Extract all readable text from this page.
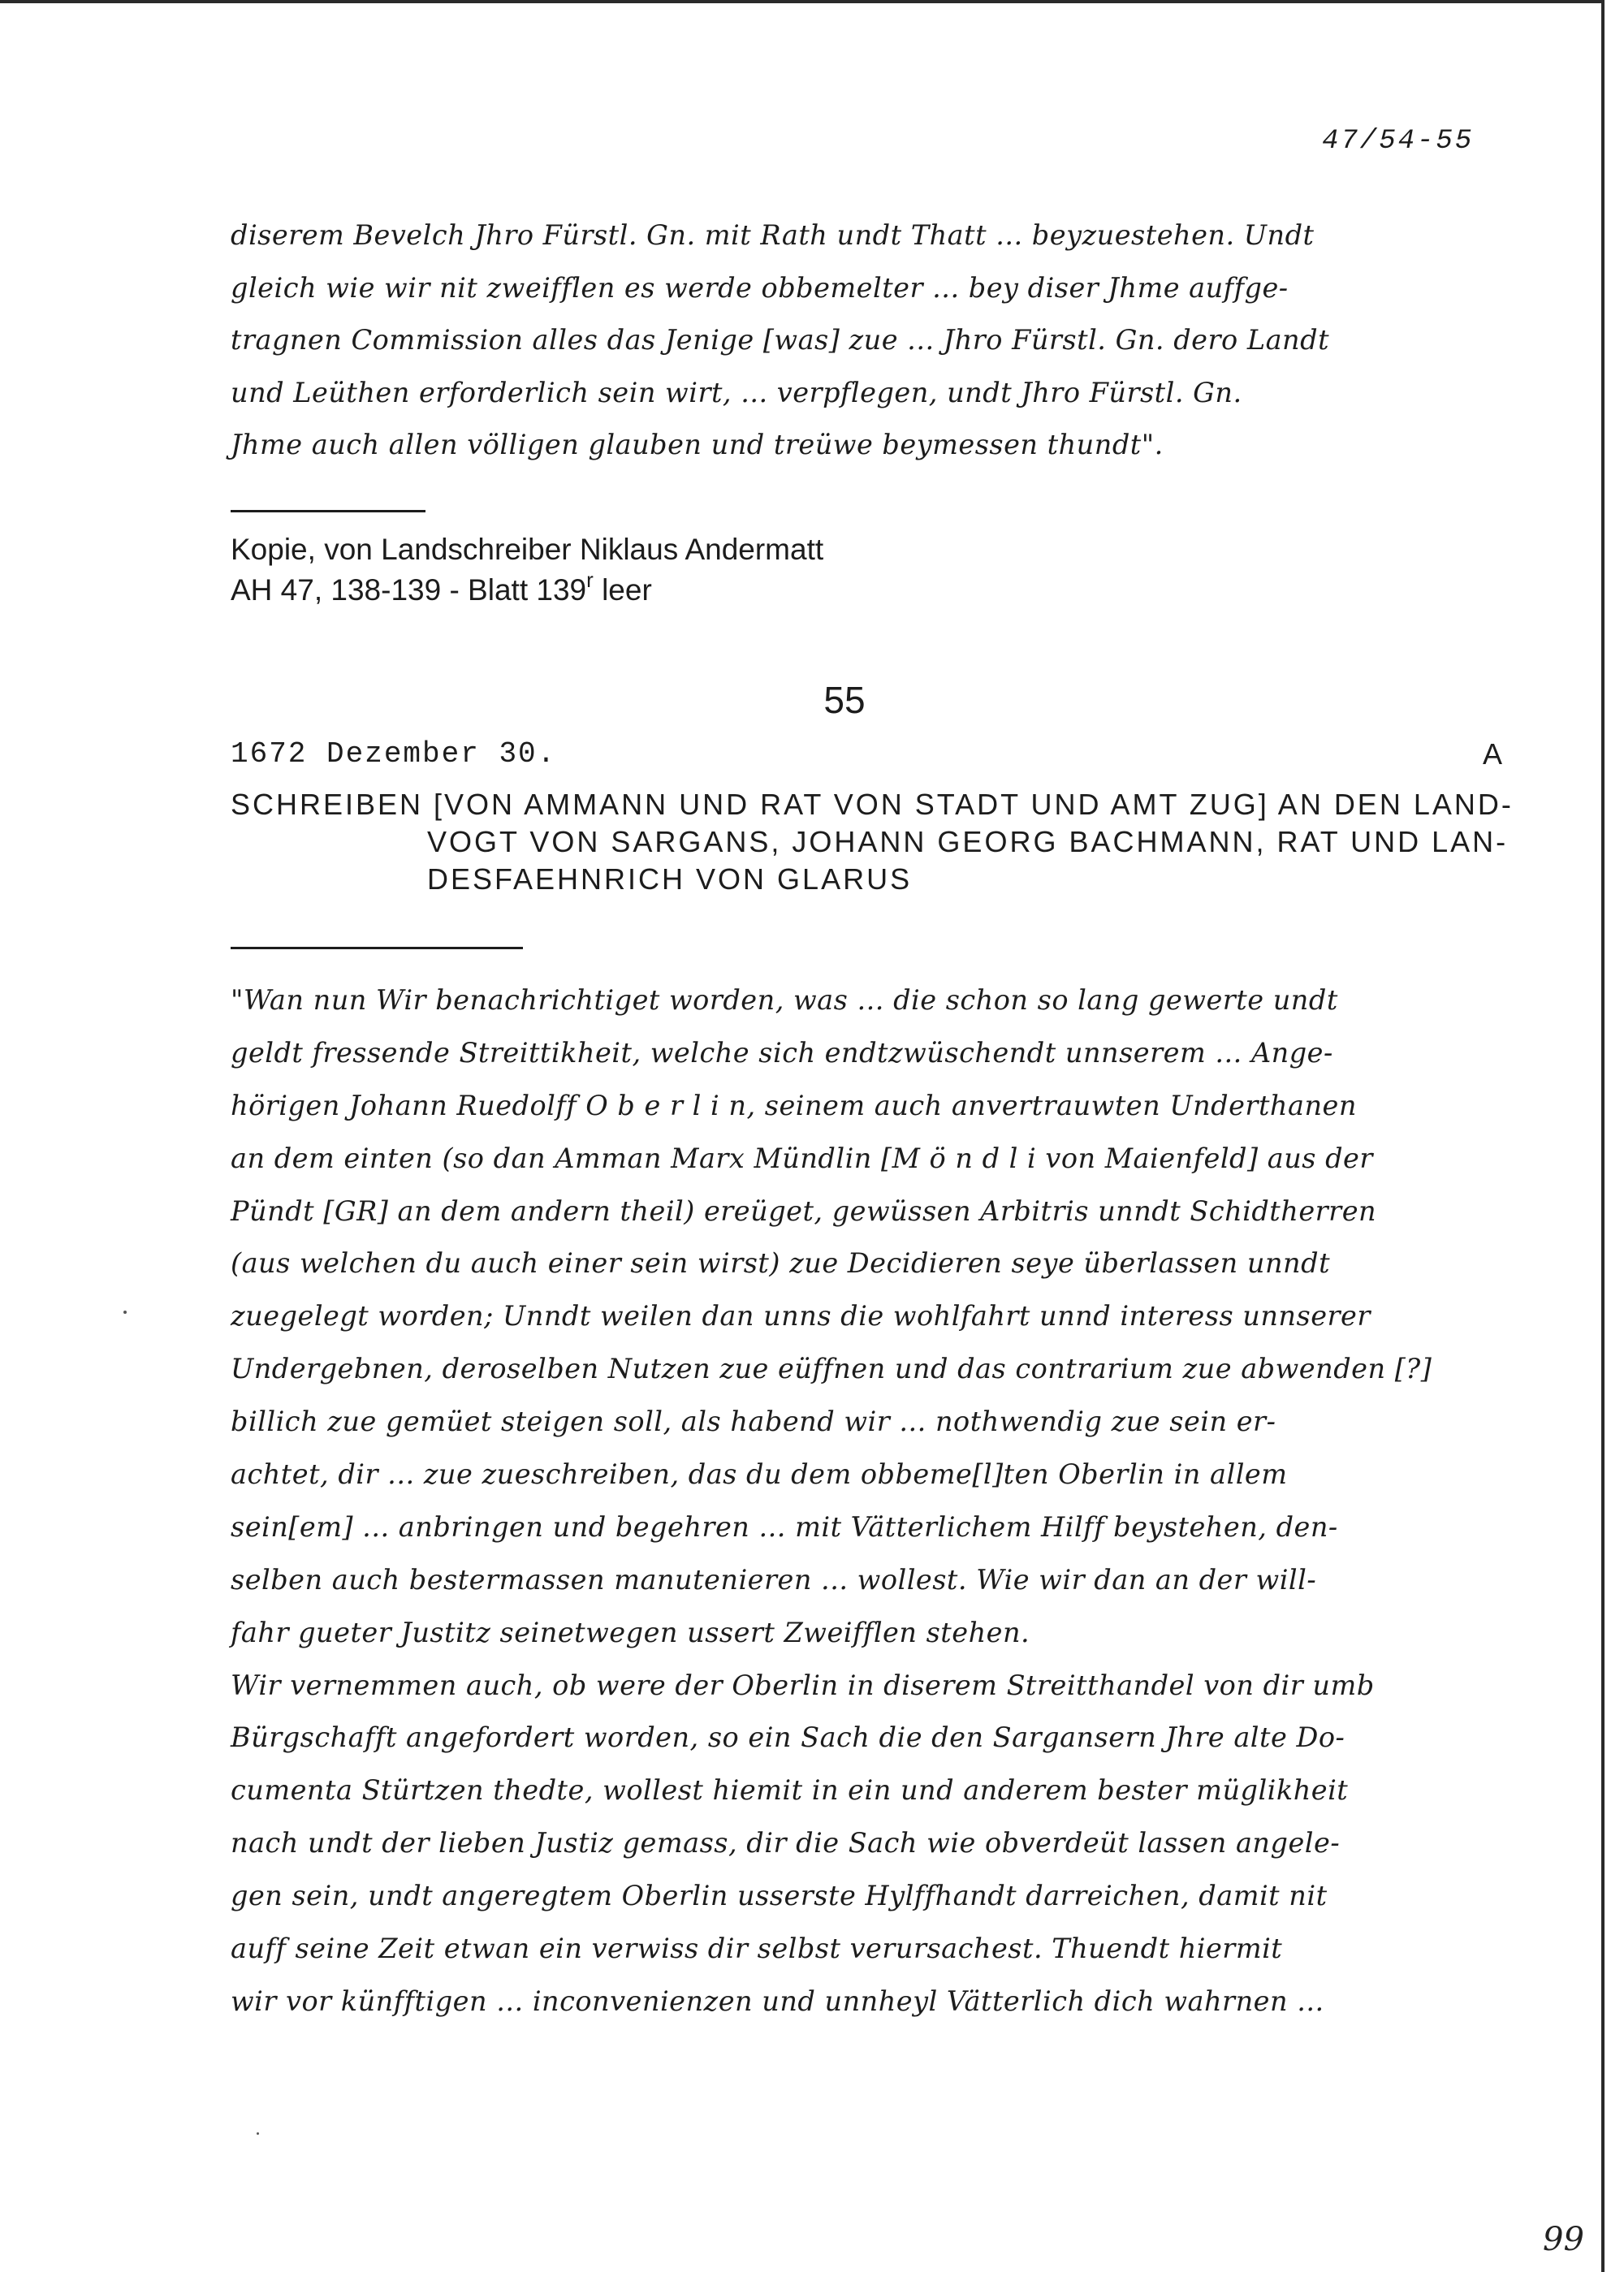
47/54-55
diserem Bevelch Jhro Fürstl. Gn. mit Rath undt Thatt ... beyzuestehen. Undt
gleich wie wir nit zweifflen es werde obbemelter ... bey diser Jhme auffge-
tragnen Commission alles das Jenige [was] zue ... Jhro Fürstl. Gn. dero Landt
und Leüthen erforderlich sein wirt, ... verpflegen, undt Jhro Fürstl. Gn.
Jhme auch allen völligen glauben und treüwe beymessen thundt".
Kopie, von Landschreiber Niklaus Andermatt
AH 47, 138-139 - Blatt 139$^r$ leer
55
1672 Dezember 30.	A
SCHREIBEN [VON AMMANN UND RAT VON STADT UND AMT ZUG] AN DEN LAND-
VOGT VON SARGANS, JOHANN GEORG BACHMANN, RAT UND LAN-
DESFAEHNRICH VON GLARUS
"Wan nun Wir benachrichtiget worden, was ... die schon so lang gewerte undt
geldt fressende Streittikheit, welche sich endtzwüschendt unnserem ... Ange-
hörigen Johann Ruedolff O b e r l i n, seinem auch anvertrauwten Underthanen
an dem einten (so dan Amman Marx Mündlin [M ö n d l i von Maienfeld] aus der
Pündt [GR] an dem andern theil) ereüget, gewüssen Arbitris unndt Schidtherren
(aus welchen du auch einer sein wirst) zue Decidieren seye überlassen unndt
zuegelegt worden; Unndt weilen dan unns die wohlfahrt unnd interess unnserer
Undergebnen, deroselben Nutzen zue eüffnen und das contrarium zue abwenden [?]
billich zue gemüet steigen soll, als habend wir ... nothwendig zue sein er-
achtet, dir ... zue zueschreiben, das du dem obbeme[l]ten Oberlin in allem
sein[em] ... anbringen und begehren ... mit Vätterlichem Hilff beystehen, den-
selben auch bestermassen manutenieren ... wollest. Wie wir dan an der will-
fahr gueter Justitz seinetwegen ussert Zweifflen stehen.
Wir vernemmen auch, ob were der Oberlin in diserem Streitthandel von dir umb
Bürgschafft angefordert worden, so ein Sach die den Sargansern Jhre alte Do-
cumenta Stürtzen thedte, wollest hiemit in ein und anderem bester müglikheit
nach undt der lieben Justiz gemass, dir die Sach wie obverdeüt lassen angele-
gen sein, undt angeregtem Oberlin usserste Hylffhandt darreichen, damit nit
auff seine Zeit etwan ein verwiss dir selbst verursachest. Thuendt hiermit
wir vor künfftigen ... inconvenienzen und unnheyl Vätterlich dich wahrnen ...
99
